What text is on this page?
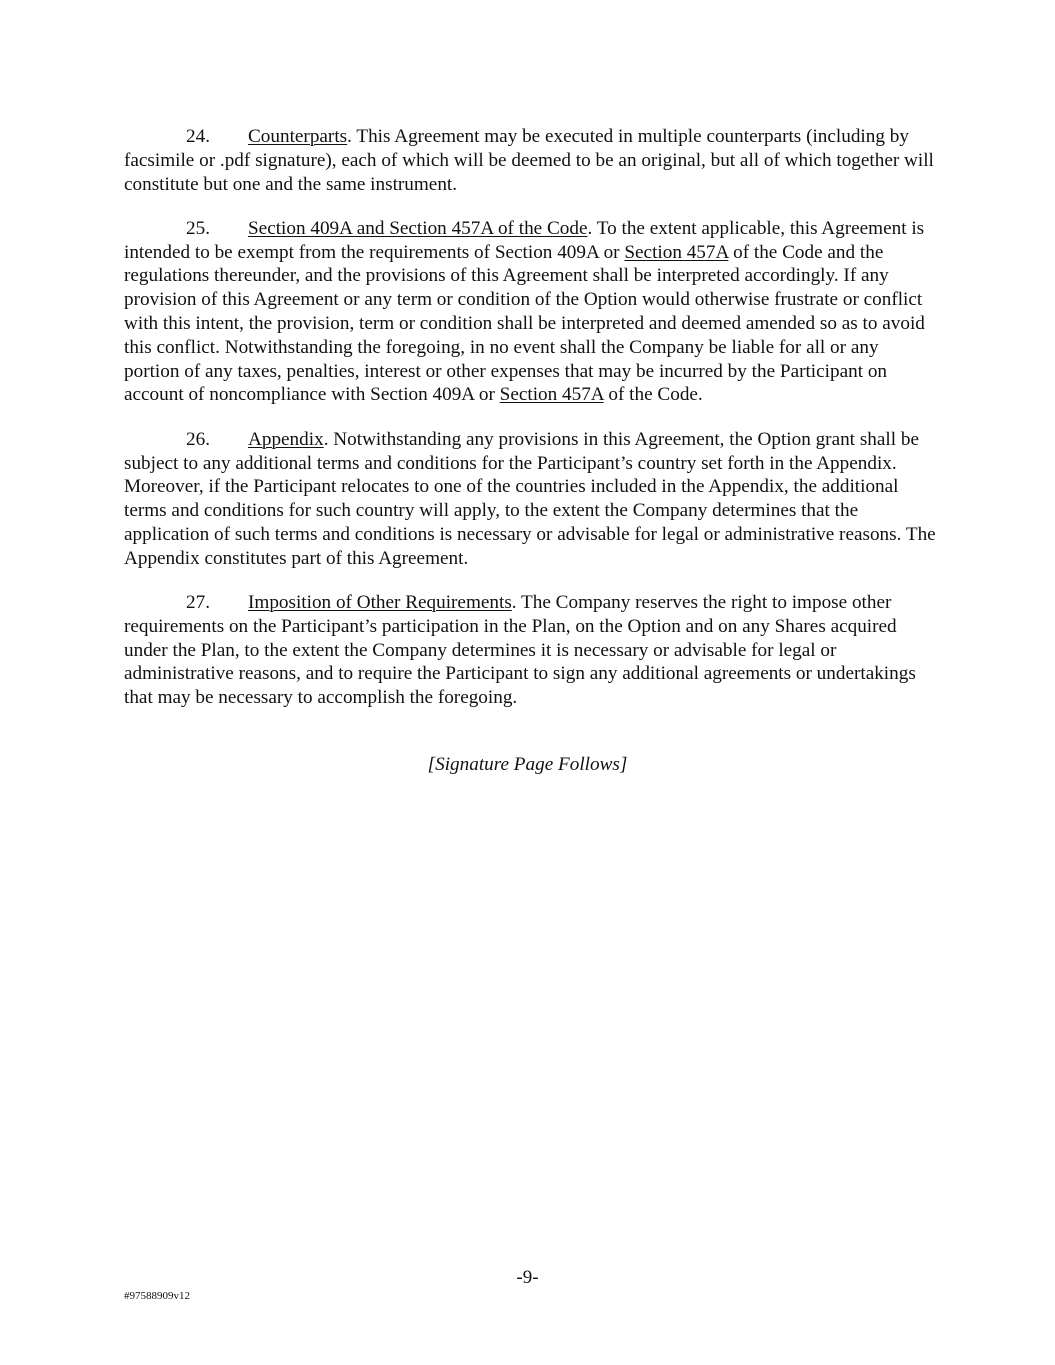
24. Counterparts. This Agreement may be executed in multiple counterparts (including by facsimile or .pdf signature), each of which will be deemed to be an original, but all of which together will constitute but one and the same instrument.

25. Section 409A and Section 457A of the Code. To the extent applicable, this Agreement is intended to be exempt from the requirements of Section 409A or Section 457A of the Code and the regulations thereunder, and the provisions of this Agreement shall be interpreted accordingly. If any provision of this Agreement or any term or condition of the Option would otherwise frustrate or conflict with this intent, the provision, term or condition shall be interpreted and deemed amended so as to avoid this conflict. Notwithstanding the foregoing, in no event shall the Company be liable for all or any portion of any taxes, penalties, interest or other expenses that may be incurred by the Participant on account of noncompliance with Section 409A or Section 457A of the Code.

26. Appendix. Notwithstanding any provisions in this Agreement, the Option grant shall be subject to any additional terms and conditions for the Participant’s country set forth in the Appendix. Moreover, if the Participant relocates to one of the countries included in the Appendix, the additional terms and conditions for such country will apply, to the extent the Company determines that the application of such terms and conditions is necessary or advisable for legal or administrative reasons. The Appendix constitutes part of this Agreement.

27. Imposition of Other Requirements. The Company reserves the right to impose other requirements on the Participant’s participation in the Plan, on the Option and on any Shares acquired under the Plan, to the extent the Company determines it is necessary or advisable for legal or administrative reasons, and to require the Participant to sign any additional agreements or undertakings that may be necessary to accomplish the foregoing.

[Signature Page Follows]
-9-
#97588909v12
